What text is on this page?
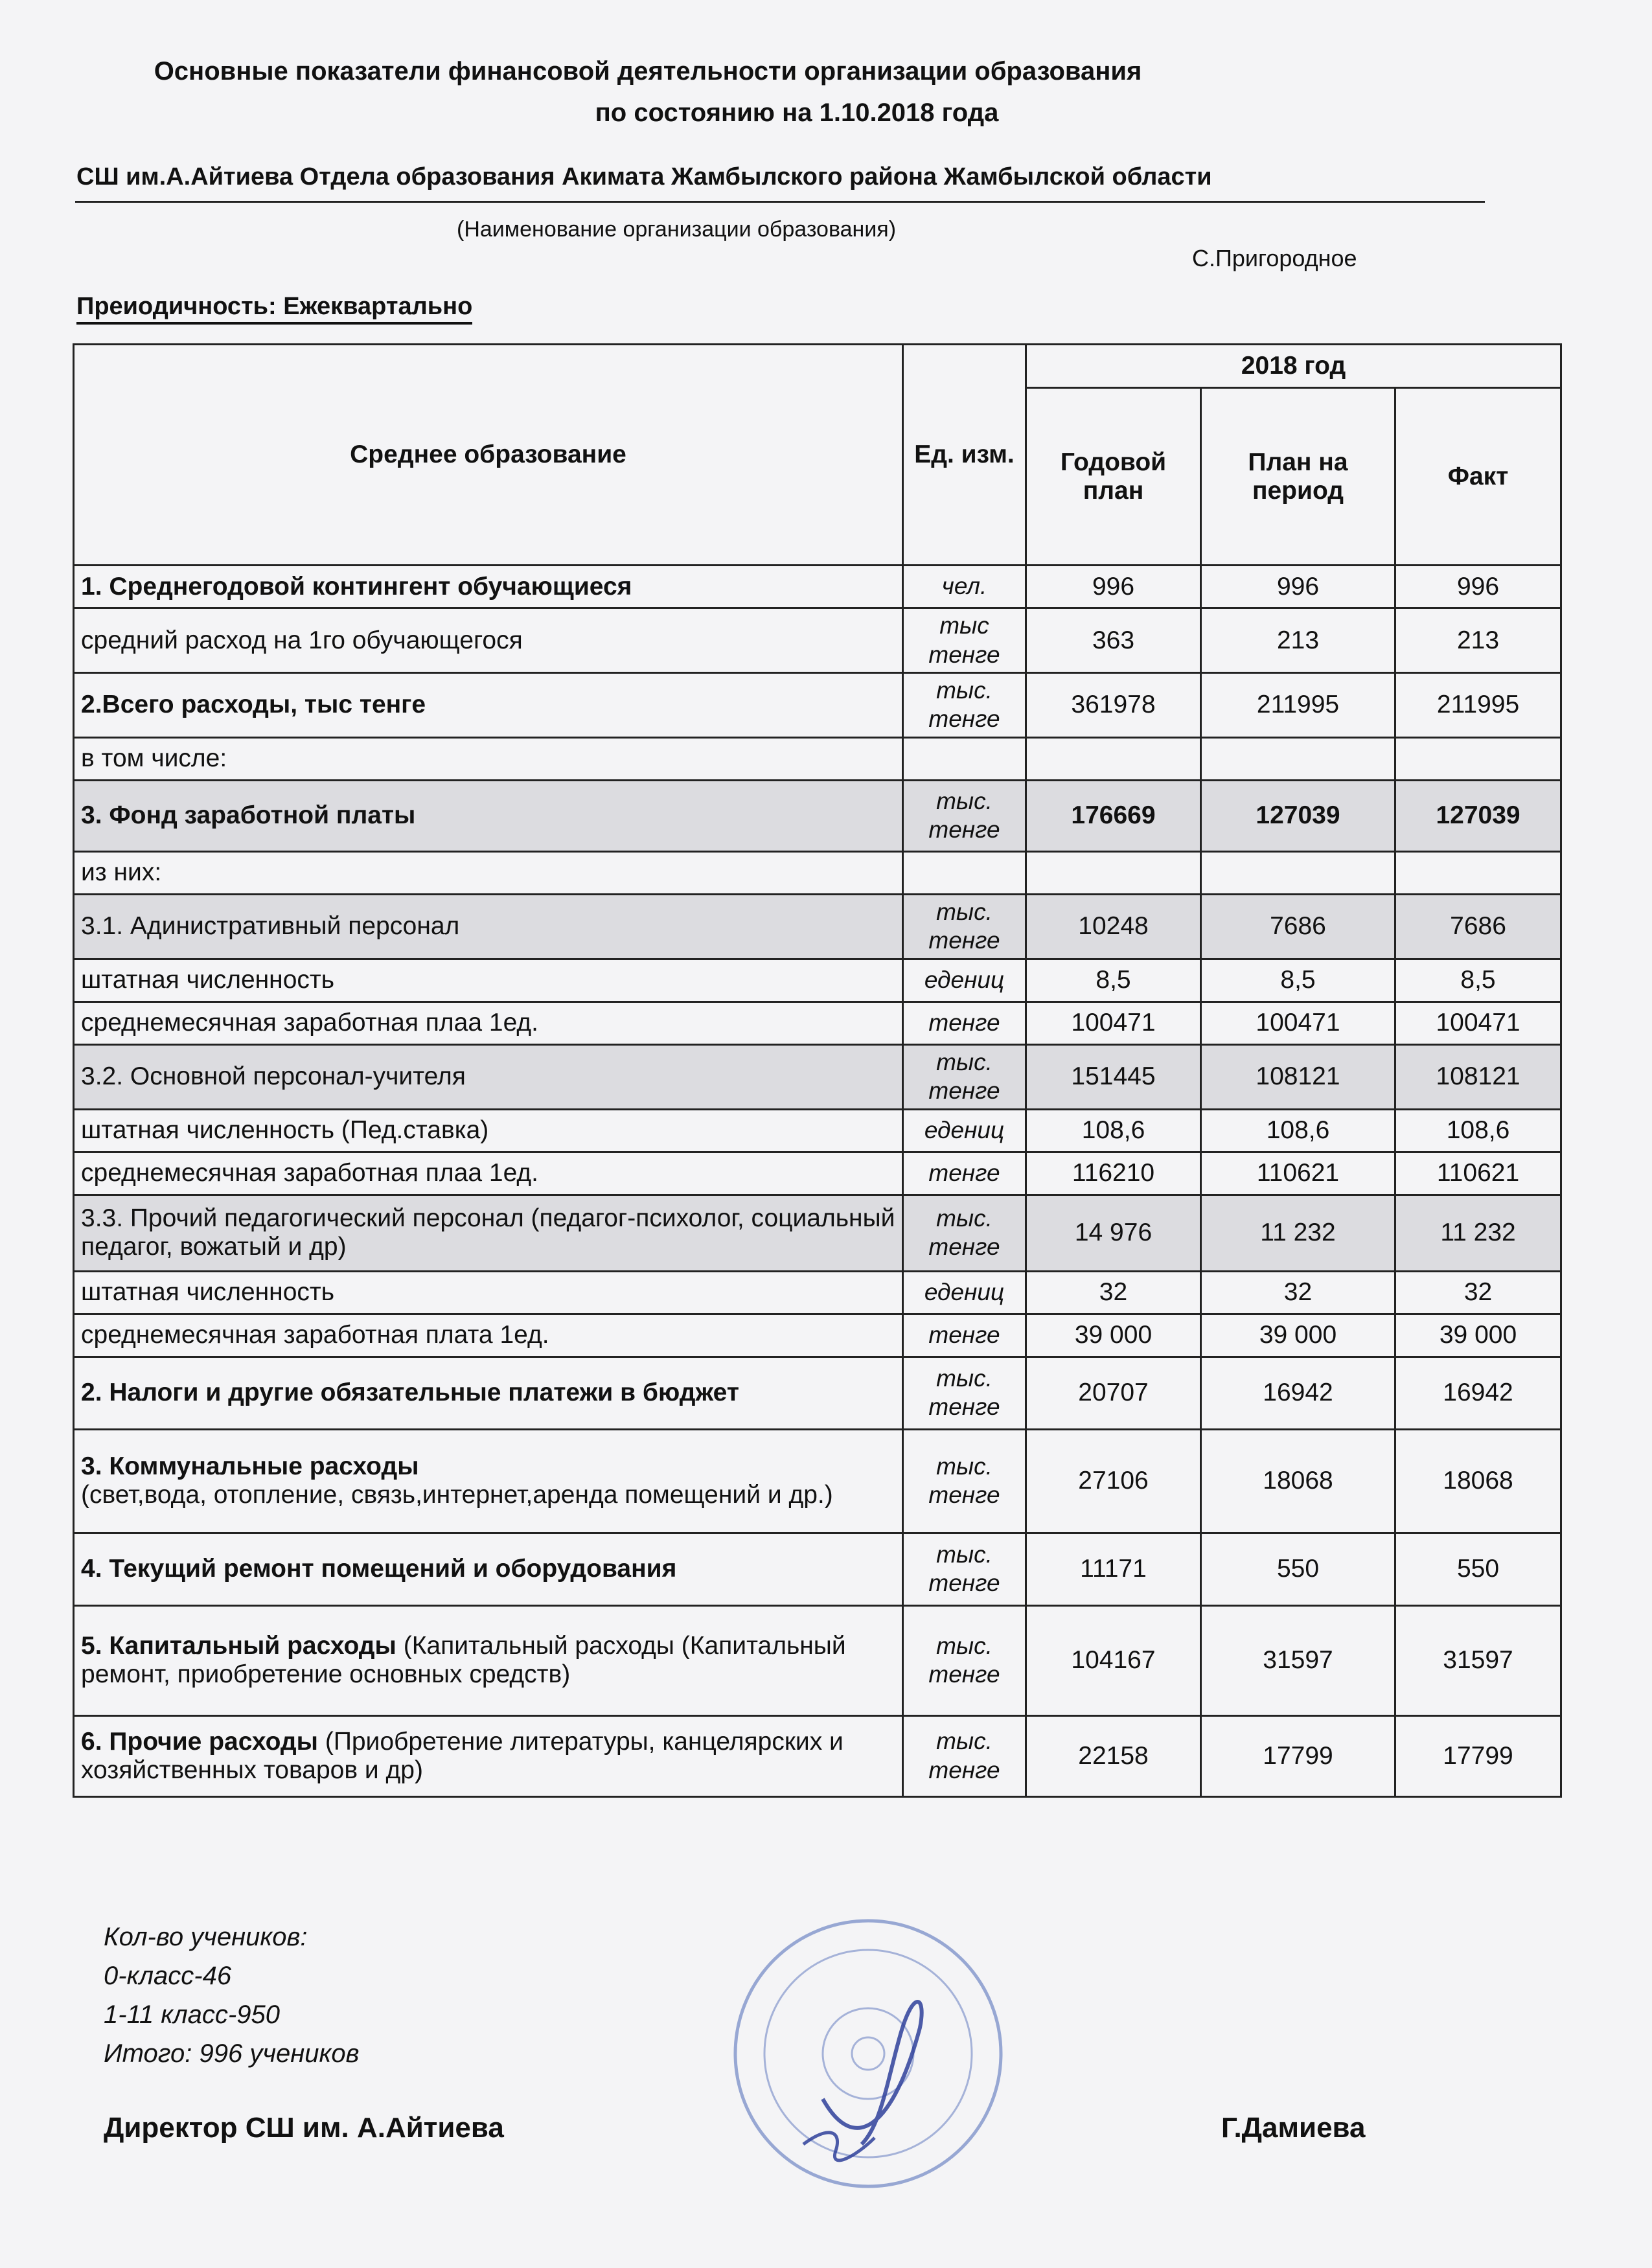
Основные показатели финансовой деятельности организации образования
по состоянию на 1.10.2018 года
СШ им.А.Айтиева Отдела образования Акимата Жамбылского района Жамбылской области
(Наименование организации образования)
С.Пригородное
Преиодичность: Ежеквартально
Среднее образование	Ед. изм.	2018 год		
		Годовой план	План на период	Факт
1. Среднегодовой контингент обучающиеся	чел.	996	996	996
средний расход на 1го обучающегося	тыс тенге	363	213	213
2.Всего расходы, тыс тенге	тыс. тенге	361978	211995	211995
в том числе:				
3. Фонд заработной платы	тыс. тенге	176669	127039	127039
из них:				
3.1. Адинистративный персонал	тыс. тенге	10248	7686	7686
штатная численность	едениц	8,5	8,5	8,5
среднемесячная заработная плаа 1ед.	тенге	100471	100471	100471
3.2. Основной персонал-учителя	тыс. тенге	151445	108121	108121
штатная численность (Пед.ставка)	едениц	108,6	108,6	108,6
среднемесячная заработная плаа 1ед.	тенге	116210	110621	110621
3.3. Прочий педагогический персонал (педагог-психолог, социальный педагог, вожатый и др)	тыс. тенге	14 976	11 232	11 232
штатная численность	едениц	32	32	32
среднемесячная заработная плата 1ед.	тенге	39 000	39 000	39 000
2. Налоги и другие обязательные платежи в бюджет	тыс. тенге	20707	16942	16942

3. Коммунальные расходы
(свет,вода, отопление, связь,интернет,аренда помещений и др.)	тыс. тенге	27106	18068	18068
4. Текущий ремонт помещений и оборудования	тыс. тенге	11171	550	550
5. Капитальный расходы (Капитальный расходы (Капитальный ремонт, приобретение основных средств)	тыс. тенге	104167	31597	31597
6. Прочие расходы (Приобретение литературы, канцелярских и хозяйственных товаров и др)	тыс. тенге	22158	17799	17799
Кол-во учеников:
0-класс-46
1-11 класс-950
Итого: 996 учеников
Директор СШ им. А.Айтиева	Г.Дамиева
